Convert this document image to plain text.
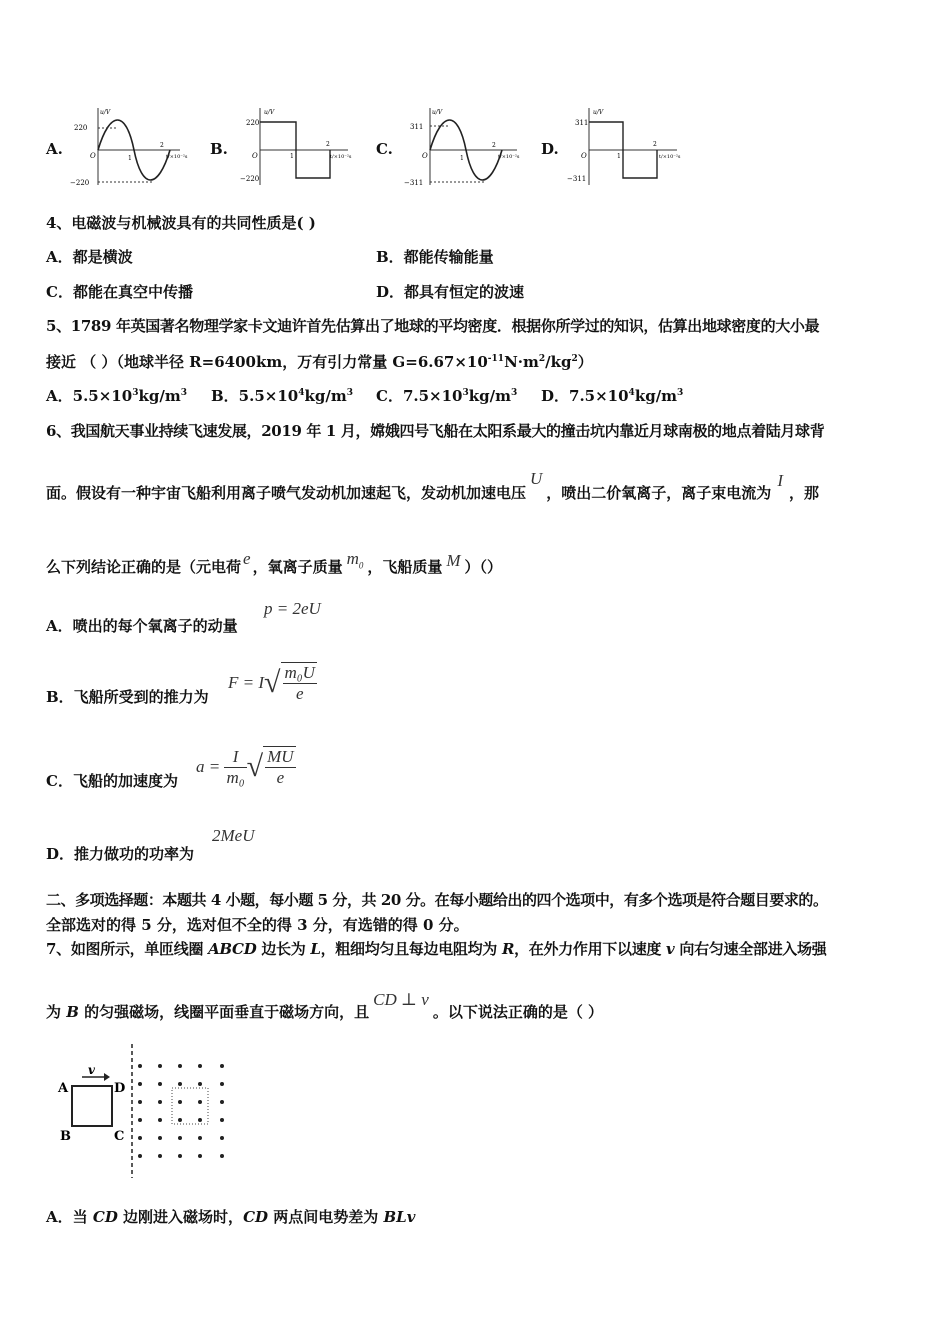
A.
220
−220
u/V
t/×10⁻²s
O	1
2	B.
220
−220
u/V
t/×10⁻²s
O	1
2	C.
311
−311
u/V
t/×10⁻²s
O	1
2	D.
311
−311
u/V
t/×10⁻²s
O	1
2
4、电磁波与机械波具有的共同性质是( )
A．都是横波	B．都能传输能量
C．都能在真空中传播	D．都具有恒定的波速
5、1789 年英国著名物理学家卡文迪许首先估算出了地球的平均密度．根据你所学过的知识，估算出地球密度的大小最
接近 （ ）（地球半径 R=6400km，万有引力常量 $G=6.67\times 10^{-11}N\cdot m^2/kg^2$）
A．$5.5\times 10^3kg/m^3$ B．$5.5\times 10^4kg/m^3$ C．$7.5\times 10^3kg/m^3$ D．$7.5\times 10^4kg/m^3$
6、我国航天事业持续飞速发展，2019 年 1 月，嫦娥四号飞船在太阳系最大的撞击坑内靠近月球南极的地点着陆月球背
面。假设有一种宇宙飞船利用离子喷气发动机加速起飞，发动机加速电压U，喷出二价氧离子，离子束电流为I，那
么下列结论正确的是（元电荷 e ，氧离子质量 $m_0$ ，飞船质量 M ）（）
A．喷出的每个氧离子的动量
p = 2eU
B．飞船所受到的推力为
$F = I√ \frac{\text{m₀U}}{e}$
C．飞船的加速度为
$a = \frac{I}{\text{m₀}}$ √ $\frac{MU}{e}$
D．推力做功的功率为
2MeU
二、多项选择题：本题共 4 小题，每小题 5 分，共 20 分。在每小题给出的四个选项中，有多个选项是符合题目要求的。
全部选对的得 5 分，选对但不全的得 3 分，有选错的得 0 分。
7、如图所示，单匝线圈 ABCD 边长为 L，粗细均匀且每边电阻均为 R，在外力作用下以速度 v 向右匀速全部进入场强
为 B 的匀强磁场，线圈平面垂直于磁场方向，且CD ⊥ v。以下说法正确的是（ ）
v
A	D
B	C
A．当 CD 边刚进入磁场时，CD 两点间电势差为 BLv
